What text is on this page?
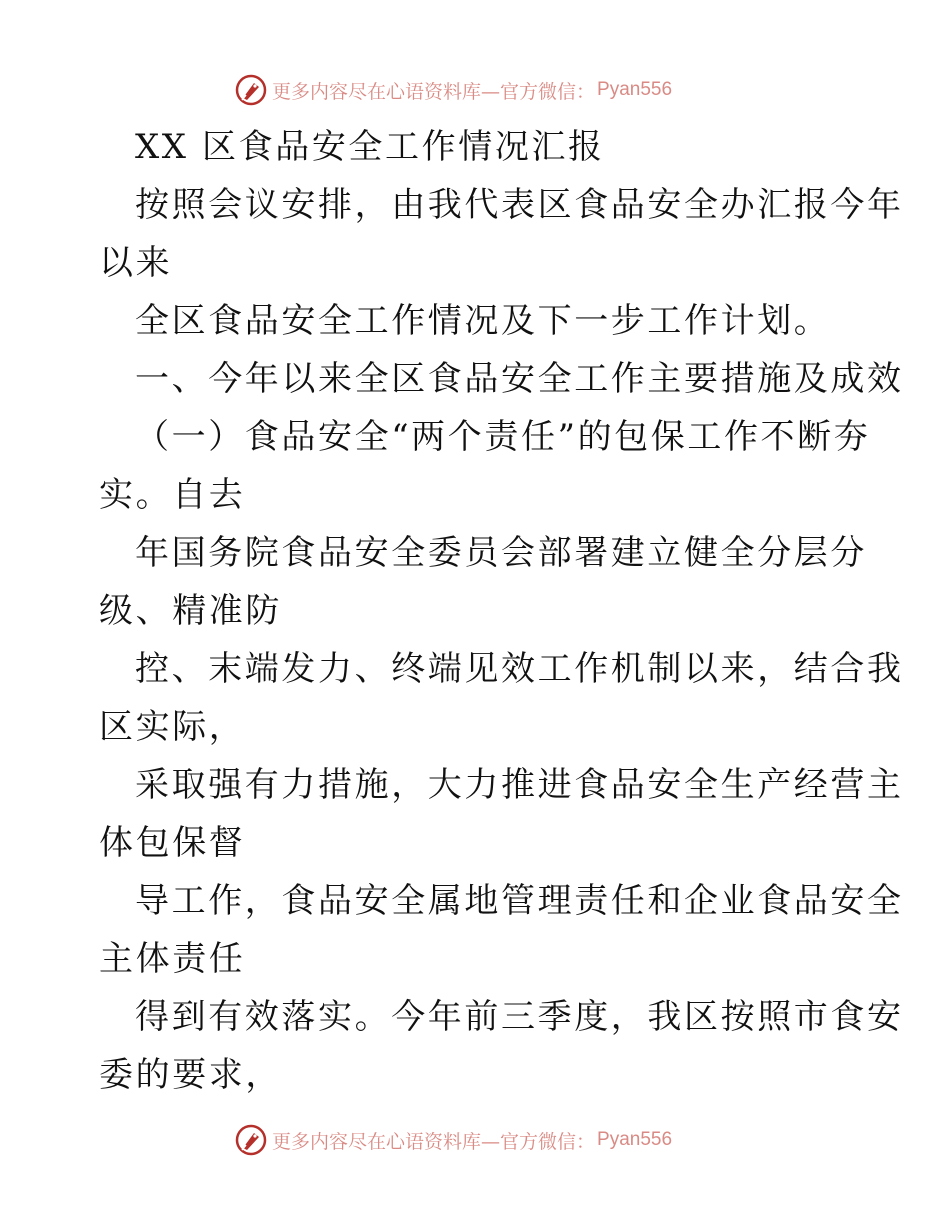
更多内容尽在心语资料库—官方微信： Pyan556
XX 区食品安全工作情况汇报
按照会议安排，由我代表区食品安全办汇报今年
以来
全区食品安全工作情况及下一步工作计划。
一、今年以来全区食品安全工作主要措施及成效
（一）食品安全“两个责任”的包保工作不断夯
实。自去
年国务院食品安全委员会部署建立健全分层分
级、精准防
控、末端发力、终端见效工作机制以来，结合我
区实际，
采取强有力措施，大力推进食品安全生产经营主
体包保督
导工作，食品安全属地管理责任和企业食品安全
主体责任
得到有效落实。今年前三季度，我区按照市食安
委的要求，
更多内容尽在心语资料库—官方微信： Pyan556
